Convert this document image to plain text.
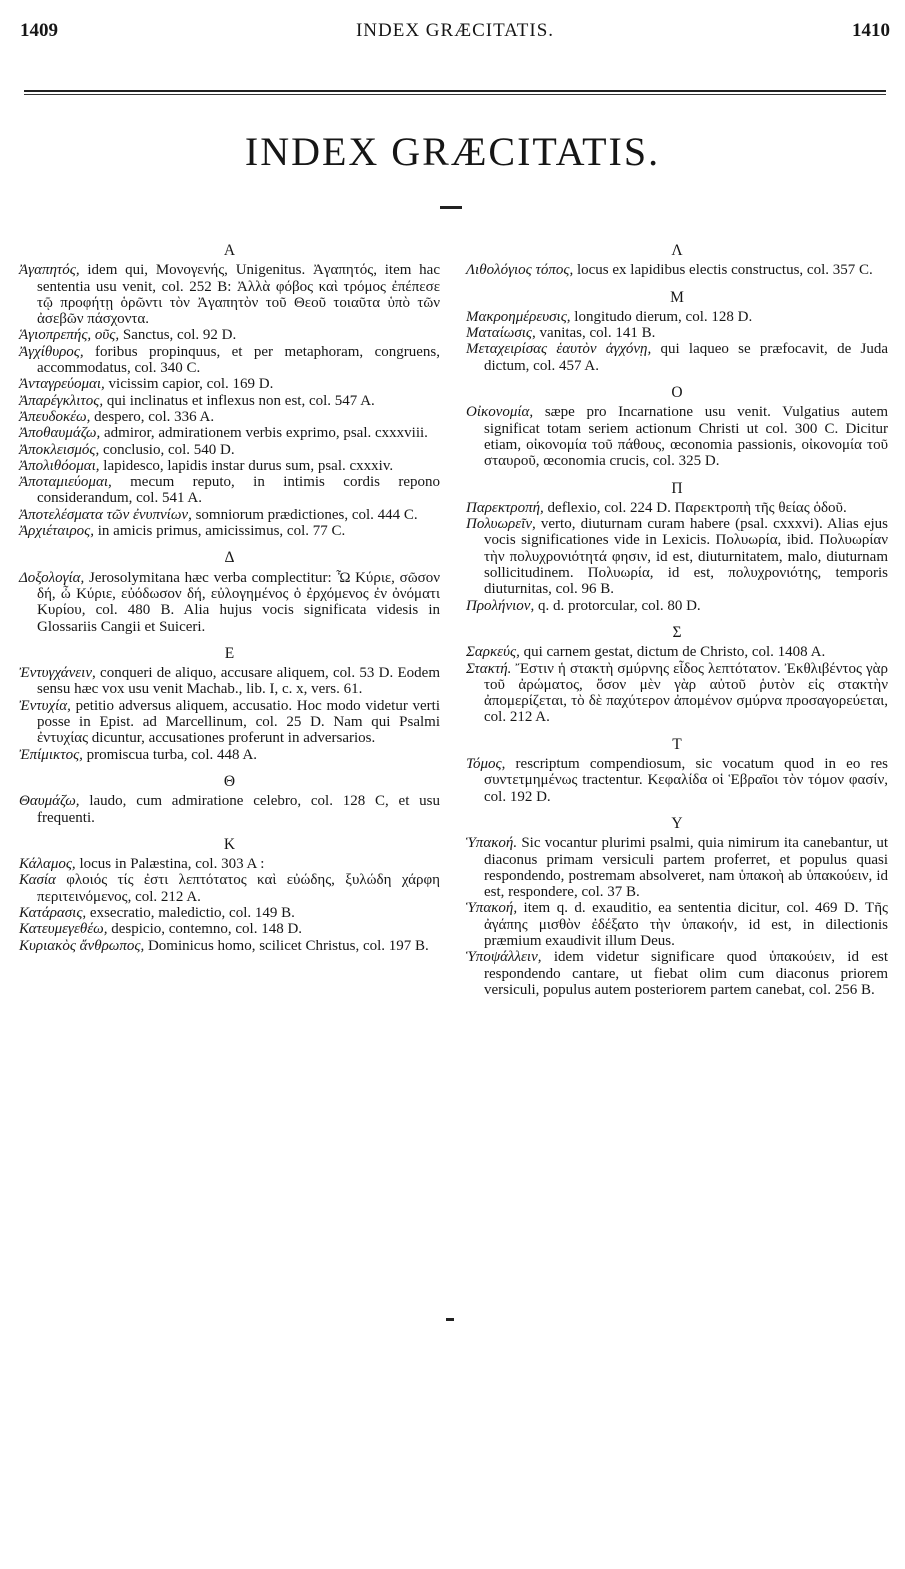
1409	INDEX GRÆCITATIS.	1410
INDEX GRÆCITATIS.
A

Ἀγαπητός, idem qui, Μονογενής, Unigenitus. Ἀγαπητός, item hac sententia usu venit, col. 252 B: Ἀλλὰ φόβος καὶ τρόμος ἐπέπεσε τῷ προφήτῃ ὁρῶντι τὸν Ἀγαπητὸν τοῦ Θεοῦ τοιαῦτα ὑπὸ τῶν ἀσεβῶν πάσχοντα.

Ἁγιοπρεπής, οῦς, Sanctus, col. 92 D.

Ἀγχίθυρος, foribus propinquus, et per metaphoram, congruens, accommodatus, col. 340 C.

Ἀνταγρεύομαι, vicissim capior, col. 169 D.

Ἀπαρέγκλιτος, qui inclinatus et inflexus non est, col. 547 A.

Ἀπευδοκέω, despero, col. 336 A.

Ἀποθαυμάζω, admiror, admirationem verbis exprimo, psal. cxxxviii.

Ἀποκλεισμός, conclusio, col. 540 D.

Ἀπολιθόομαι, lapidesco, lapidis instar durus sum, psal. cxxxiv.

Ἀποταμιεύομαι, mecum reputo, in intimis cordis repono considerandum, col. 541 A.

Ἀποτελέσματα τῶν ἐνυπνίων, somniorum prædictiones, col. 444 C.

Ἀρχιέταιρος, in amicis primus, amicissimus, col. 77 C.

Δ

Δοξολογία, Jerosolymitana hæc verba complectitur: Ὦ Κύριε, σῶσον δή, ὦ Κύριε, εὐόδωσον δή, εὐλογημένος ὁ ἐρχόμενος ἐν ὀνόματι Κυρίου, col. 480 B. Alia hujus vocis significata videsis in Glossariis Cangii et Suiceri.

E

Ἐντυγχάνειν, conqueri de aliquo, accusare aliquem, col. 53 D. Eodem sensu hæc vox usu venit Machab., lib. I, c. x, vers. 61.

Ἐντυχία, petitio adversus aliquem, accusatio. Hoc modo videtur verti posse in Epist. ad Marcellinum, col. 25 D. Nam qui Psalmi ἐντυχίας dicuntur, accusationes proferunt in adversarios.

Ἐπίμικτος, promiscua turba, col. 448 A.

Θ

Θαυμάζω, laudo, cum admiratione celebro, col. 128 C, et usu frequenti.

K

Κάλαμος, locus in Palæstina, col. 303 A :

Κασία φλοιός τίς ἐστι λεπτότατος καὶ εὐώδης, ξυλώδη χάρφη περιτεινόμενος, col. 212 A.

Κατάρασις, exsecratio, maledictio, col. 149 B.

Κατευμεγεθέω, despicio, contemno, col. 148 D.

Κυριακὸς ἄνθρωπος, Dominicus homo, scilicet Christus, col. 197 B.

Λ

Λιθολόγιος τόπος, locus ex lapidibus electis constructus, col. 357 C.

M

Μακροημέρευσις, longitudo dierum, col. 128 D.

Ματαίωσις, vanitas, col. 141 B.

Μεταχειρίσας ἑαυτὸν ἀγχόνῃ, qui laqueo se præfocavit, de Juda dictum, col. 457 A.

O

Οἰκονομία, sæpe pro Incarnatione usu venit. Vulgatius autem significat totam seriem actionum Christi ut col. 300 C. Dicitur etiam, οἰκονομία τοῦ πάθους, œconomia passionis, οἰκονομία τοῦ σταυροῦ, œconomia crucis, col. 325 D.

Π

Παρεκτροπή, deflexio, col. 224 D. Παρεκτροπὴ τῆς θείας ὁδοῦ.

Πολυωρεῖν, verto, diuturnam curam habere (psal. cxxxvi). Alias ejus vocis significationes vide in Lexicis. Πολυωρία, ibid. Πολυωρίαν τὴν πολυχρονιότητά φησιν, id est, diuturnitatem, malo, diuturnam sollicitudinem. Πολυωρία, id est, πολυχρονιότης, temporis diuturnitas, col. 96 B.

Προλήνιον, q. d. protorcular, col. 80 D.

Σ

Σαρκεύς, qui carnem gestat, dictum de Christo, col. 1408 A.

Στακτή. Ἔστιν ἡ στακτὴ σμύρνης εἶδος λεπτότατον. Ἐκθλιβέντος γὰρ τοῦ ἀρώματος, ὅσον μὲν γὰρ αὐτοῦ ῥυτὸν εἰς στακτὴν ἀπομερίζεται, τὸ δὲ παχύτερον ἀπομένον σμύρνα προσαγορεύεται, col. 212 A.

T

Τόμος, rescriptum compendiosum, sic vocatum quod in eo res συντετμημένως tractentur. Κεφαλίδα οἱ Ἑβραῖοι τὸν τόμον φασίν, col. 192 D.

Υ

Ὑπακοή. Sic vocantur plurimi psalmi, quia nimirum ita canebantur, ut diaconus primam versiculi partem proferret, et populus quasi respondendo, postremam absolveret, nam ὑπακοὴ ab ὑπακούειν, id est, respondere, col. 37 B.

Ὑπακοή, item q. d. exauditio, ea sententia dicitur, col. 469 D. Τῆς ἀγάπης μισθὸν ἐδέξατο τὴν ὑπακοήν, id est, in dilectionis præmium exaudivit illum Deus.

Ὑποψάλλειν, idem videtur significare quod ὑπακούειν, id est respondendo cantare, ut fiebat olim cum diaconus priorem versiculi, populus autem posteriorem partem canebat, col. 256 B.
